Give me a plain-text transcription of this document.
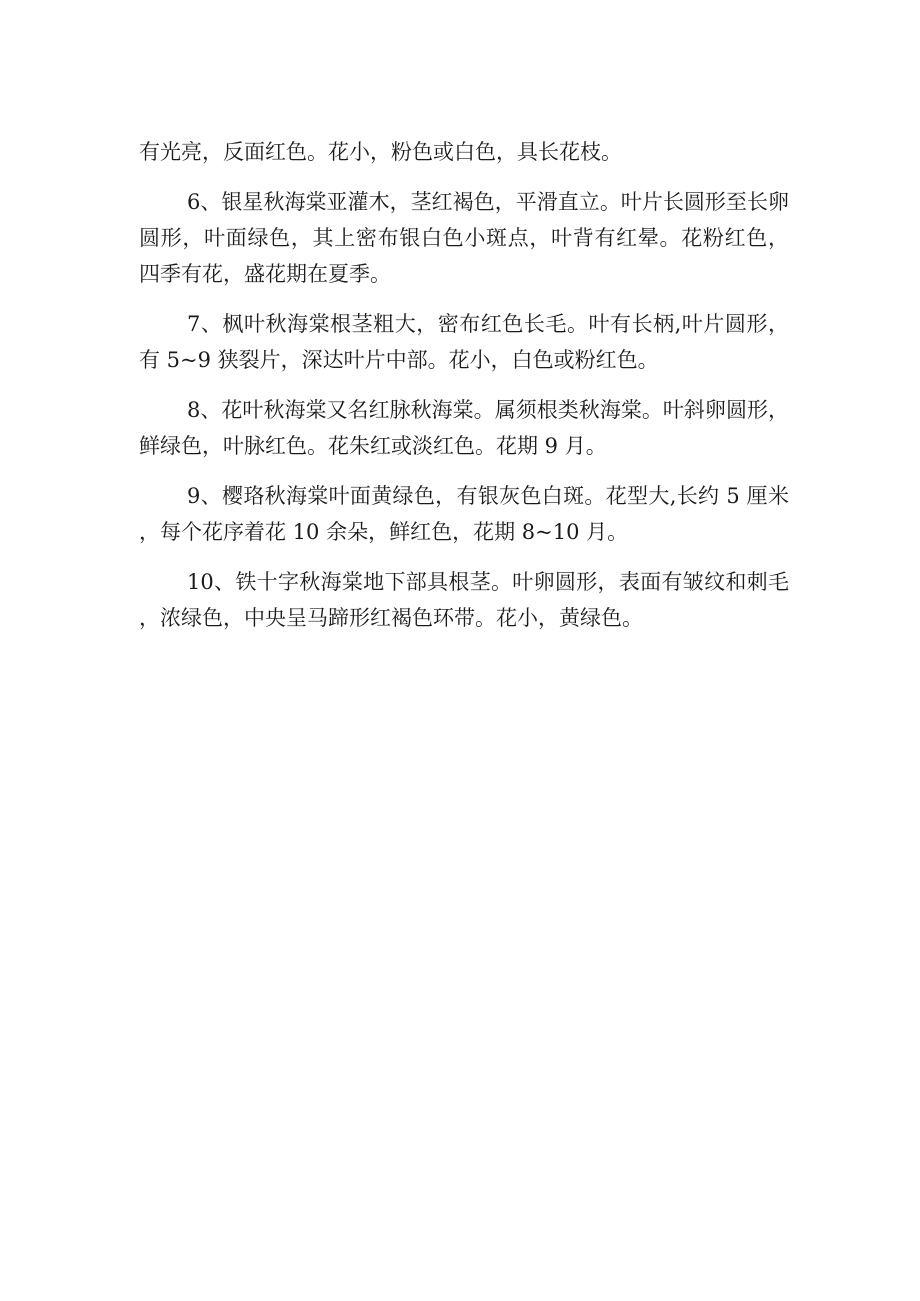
有光亮，反面红色。花小，粉色或白色，具长花枝。

6、银星秋海棠亚灌木，茎红褐色，平滑直立。叶片长圆形至长卵圆形，叶面绿色，其上密布银白色小斑点，叶背有红晕。花粉红色，四季有花，盛花期在夏季。

7、枫叶秋海棠根茎粗大，密布红色长毛。叶有长柄,叶片圆形，有 5~9 狭裂片，深达叶片中部。花小，白色或粉红色。

8、花叶秋海棠又名红脉秋海棠。属须根类秋海棠。叶斜卵圆形，鲜绿色，叶脉红色。花朱红或淡红色。花期 9 月。

9、樱珞秋海棠叶面黄绿色，有银灰色白斑。花型大,长约 5 厘米，每个花序着花 10 余朵，鲜红色，花期 8~10 月。

10、铁十字秋海棠地下部具根茎。叶卵圆形，表面有皱纹和刺毛，浓绿色，中央呈马蹄形红褐色环带。花小，黄绿色。
